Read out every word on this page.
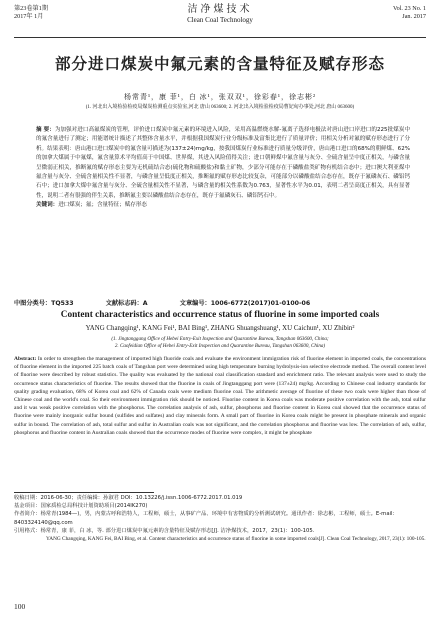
第23卷第1期
2017年 1月
洁净煤技术
Clean Coal Technology
Vol. 23 No. 1
Jan. 2017
部分进口煤炭中氟元素的含量特征及赋存形态
杨常青¹，康 菲¹，白 冰¹，张双双¹，徐彩春¹，徐志彬²
(1. 河北出入境检验检疫局煤炭检测重点实验室,河北 唐山 063600; 2. 河北出入境检验检疫局曹妃甸办事处,河北 唐山 063600)

摘 要：为加强对进口高氟煤炭的管理，评价进口煤炭中氟元素的环境进入风险，采用高温燃烧水解-氟离子选择电极法对唐山进口岸进口的225批煤炭中的氟含量进行了测定；用能谱统计描述了其整体含量水平，并根据我国煤炭行业分级标准及富集比进行了质量评价；用相关分析对氟的赋存形态进行了分析。结果表明：唐山港口进口煤炭中的氟含量可描述为(137±24)mg/kg，按我国煤炭行业标准进行质量分级评价，唐山港口进口的68%的朝鲜煤、62%的加拿大煤属于中氟煤，氟含量算术平均值高于中国煤、世界煤，其进入风险值得关注；进口朝鲜煤中氟含量与灰分、全硫含量呈中度正相关，与磷含量呈微弱正相关，推断氟的赋存形态主要为无机硫结合态(硫化物和硫酸盐)和黏土矿物，少部分可能存在于磷酸盐类矿物有机结合态中；进口澳大利亚煤中氟含量与灰分、全硫含量相关性不显著，与磷含量呈低度正相关，推断氟的赋存形态比较复杂，可能部分以磷酸盐结合态存在，既存于氟磷灰石、磷铝钙石中；进口加拿大煤中氟含量与灰分、全硫含量相关性不显著，与磷含量的相关性系数为0.763，显著性水平为0.01，表明二者呈高度正相关，具有显著性，说明二者有很强的伴生关系，推断氟主要以磷酸盐结合态存在，既存于氟磷灰石、磷铝钙石中。

关键词：进口煤炭；氟；含量特征；赋存形态

中图分类号：TQ533	文献标志码：A	文章编号：1006-6772(2017)01-0100-06
Content characteristics and occurrence status of fluorine in some imported coals
YANG Changqing¹, KANG Fei¹, BAI Bing¹, ZHANG Shuangshuang¹, XU Caichun¹, XU Zhibin²
(1. Jingtanggang Office of Hebei Entry-Exit Inspection and Quarantine Bureau, Tangshan 063600, China;
2. Caofeidian Office of Hebei Entry-Exit Inspection and Quarantine Bureau, Tangshan 063600, China)

Abstract: In order to strengthen the management of imported high fluoride coals and evaluate the environment immigration risk of fluorine element in imported coals, the concentrations of fluorine element in the imported 225 batch coals of Tangshan port were determined using high temperature burning hydrolysis-ion selective electrode method. The overall content level of fluorine were described by robust statistics. The quality was evaluated by the national coal classification standard and enrichment ratio. The relevant analysis were used to study the occurrence status characteristics of fluorine. The results showed that the fluorine in coals of Jingtanggang port were (137±24) mg/kg. According to Chinese coal industry standards for quality grading evaluation, 68% of Korea coal and 62% of Canada coals were medium fluorine coal. The arithmetic average of fluorine of these two coals were higher than those of Chinese coal and the world's coal. So their environment immigration risk should be noticed. Fluorine content in Korea coals was moderate positive correlation with the ash, total sulfur and it was weak positive correlation with the phosphorus. The correlation analysis of ash, sulfur, phosphorus and fluorine content in Korea coal showed that the occurrence status of fluorine were mainly inorganic sulfur bound (sulfides and sulfates) and clay minerals form. A small part of fluorine in Korea coals might be present in phosphate minerals and organic sulfur in bound. The correlation of ash, total sulfur and sulfur in Australian coals was not significant, and the correlation phosphorus and fluorine was low. The correlation of ash, sulfur, phosphorus and fluorine content in Australian coals showed that the occurrence modes of fluorine were complex, it might be phosphate

收稿日期：2016-06-30；责任编辑：孙淑君 DOI：10.13226/j.issn.1006-6772.2017.01.019

基金项目：国家质检总局科技计划资助项目(2014IK270)

作者简介：杨常青(1984—)，男，内蒙古呼和浩特人，工程师，硕士，从事矿产品、环境中有害物质的分析测试研究。通讯作者：徐志彬，工程师，硕士。E-mail：8403324140@qq.com

引用格式：杨常青，康 菲，白 冰，等. 部分进口煤炭中氟元素的含量特征及赋存形态[J]. 洁净煤技术，2017，23(1)：100-105.

YANG Changqing, KANG Fei, BAI Bing, et al. Content characteristics and occurrence status of fluorine in some imported coals[J]. Clean Coal Technology, 2017, 23(1): 100-105.

100
